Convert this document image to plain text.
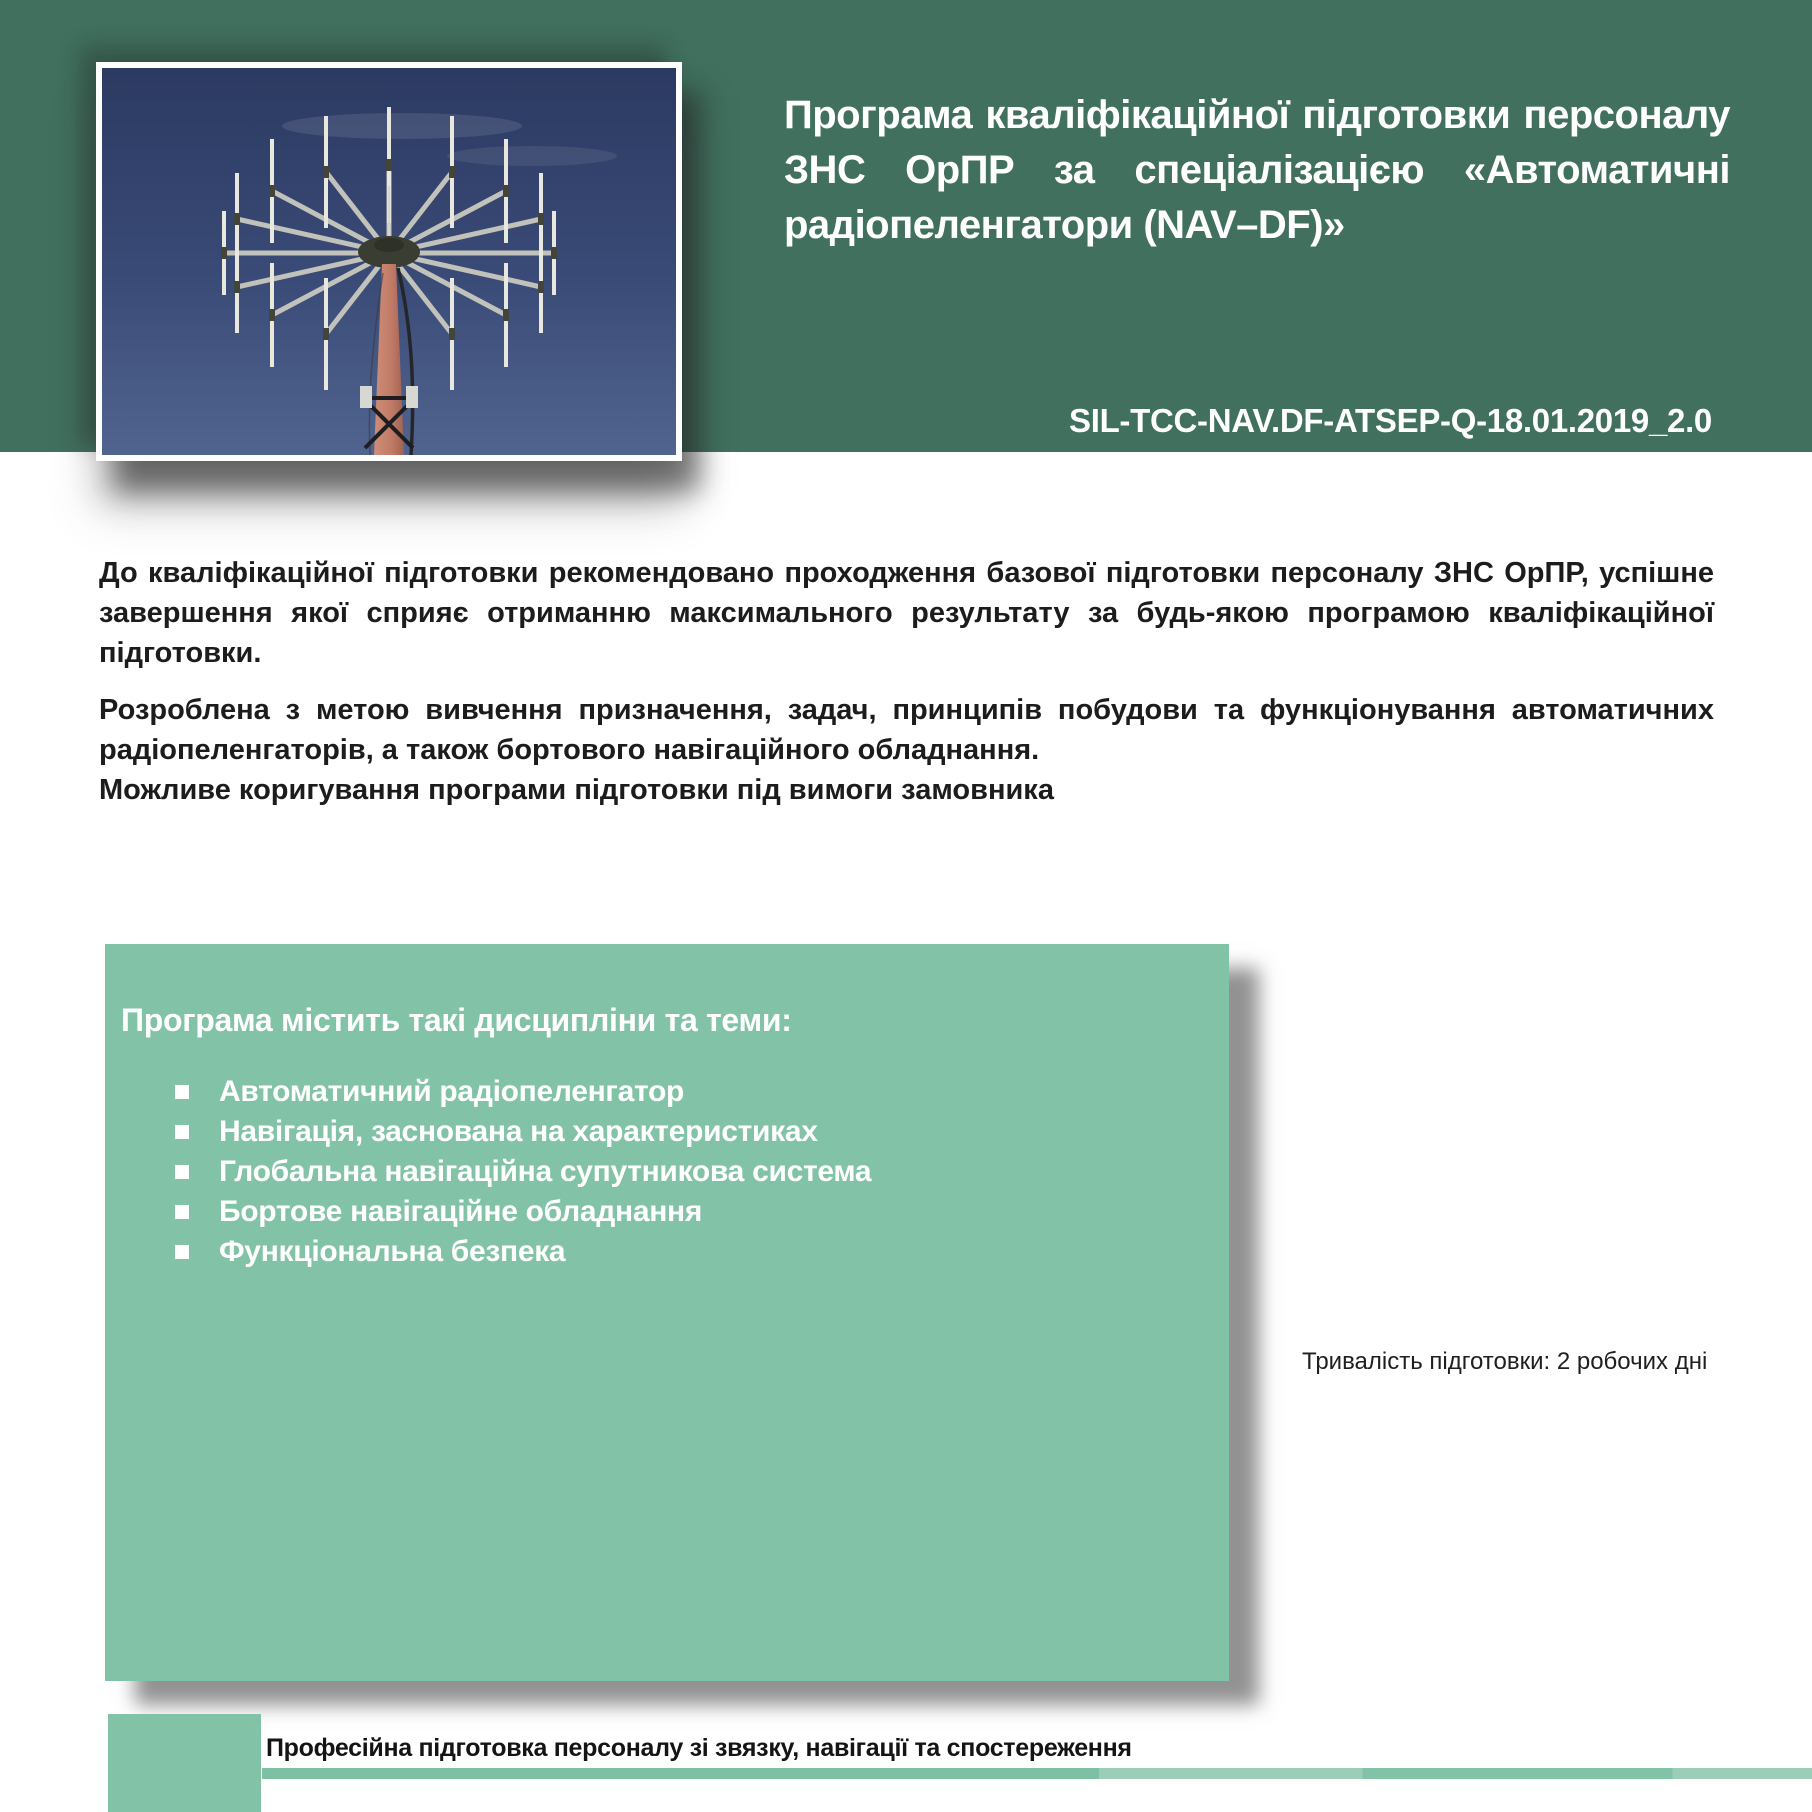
Програма кваліфікаційної підготовки персоналу
ЗНС ОрПР за спеціалізацією «Автоматичні
радіопеленгатори (NAV–DF)»
SIL-TCC-NAV.DF-ATSEP-Q-18.01.2019_2.0
До кваліфікаційної підготовки рекомендовано проходження базової підготовки персоналу ЗНС ОрПР, успішне завершення якої сприяє отриманню максимального результату за будь-якою програмою кваліфікаційної підготовки.

Розроблена з метою вивчення призначення, задач, принципів побудови та функціонування автоматичних радіопеленгаторів, а також бортового навігаційного обладнання.

Можливе коригування програми підготовки під вимоги замовника

Програма містить такі дисципліни та теми:
Автоматичний радіопеленгатор
Навігація, заснована на характеристиках
Глобальна навігаційна супутникова система
Бортове навігаційне обладнання
Функціональна безпека
Тривалість підготовки: 2 робочих дні
Професійна підготовка персоналу зі звязку, навігації та спостереження
